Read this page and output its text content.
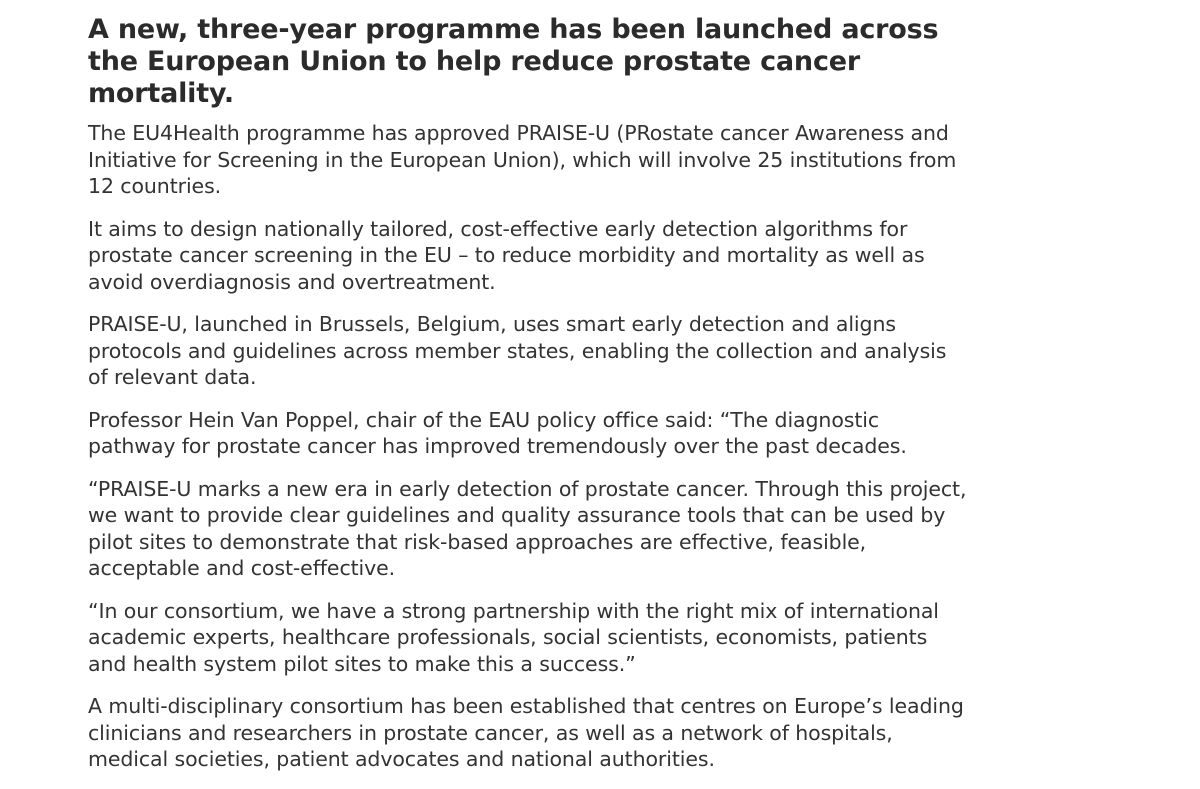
A new, three-year programme has been launched across the European Union to help reduce prostate cancer mortality.

The EU4Health programme has approved PRAISE-U (PRostate cancer Awareness and Initiative for Screening in the European Union), which will involve 25 institutions from 12 countries.

It aims to design nationally tailored, cost-effective early detection algorithms for prostate cancer screening in the EU – to reduce morbidity and mortality as well as avoid overdiagnosis and overtreatment.

PRAISE-U, launched in Brussels, Belgium, uses smart early detection and aligns protocols and guidelines across member states, enabling the collection and analysis of relevant data.

Professor Hein Van Poppel, chair of the EAU policy office said: “The diagnostic pathway for prostate cancer has improved tremendously over the past decades.

“PRAISE-U marks a new era in early detection of prostate cancer. Through this project, we want to provide clear guidelines and quality assurance tools that can be used by pilot sites to demonstrate that risk-based approaches are effective, feasible, acceptable and cost-effective.

“In our consortium, we have a strong partnership with the right mix of international academic experts, healthcare professionals, social scientists, economists, patients and health system pilot sites to make this a success.”

A multi-disciplinary consortium has been established that centres on Europe’s leading clinicians and researchers in prostate cancer, as well as a network of hospitals, medical societies, patient advocates and national authorities.
